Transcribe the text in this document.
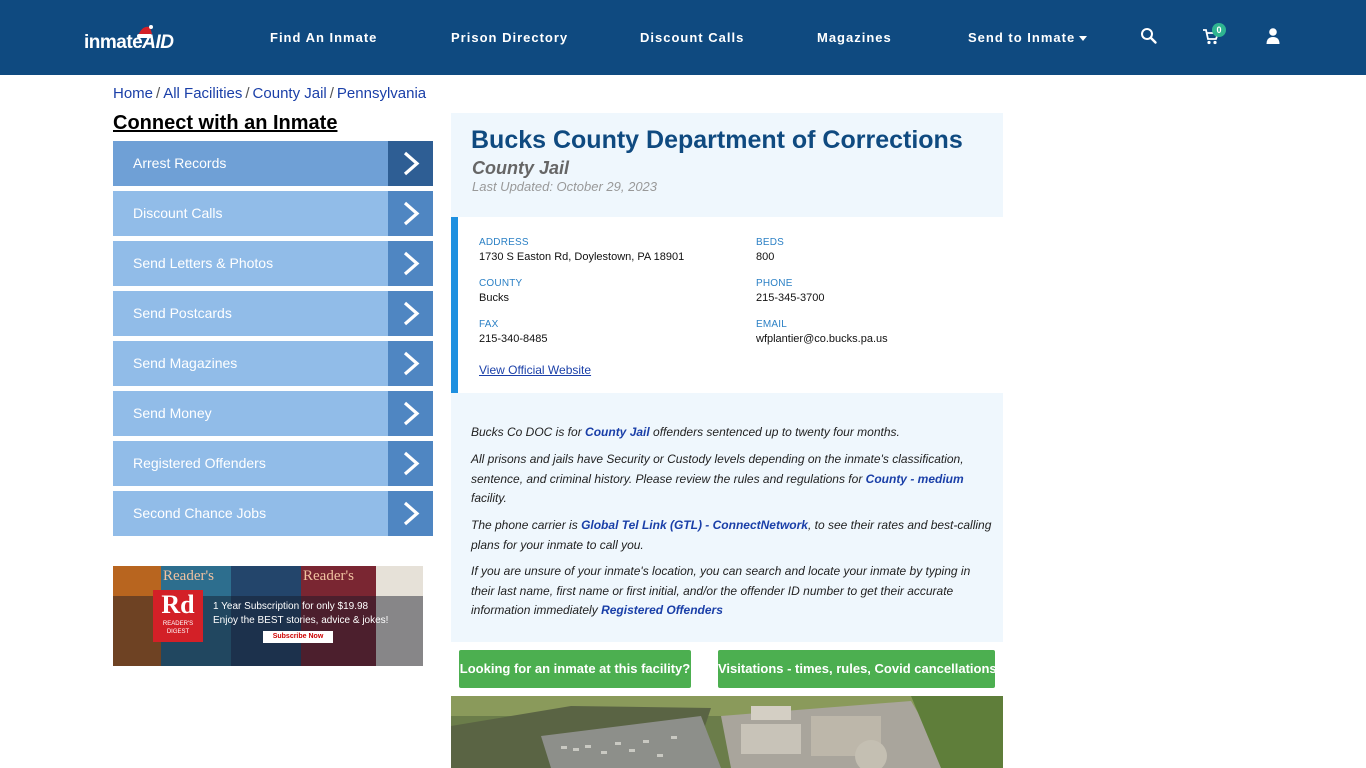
inmateAID	Find An Inmate	Prison Directory	Discount Calls	Magazines	Send to Inmate	0
Home / All Facilities / County Jail / Pennsylvania
Connect with an Inmate
Arrest Records
Discount Calls
Send Letters & Photos
Send Postcards
Send Magazines
Send Money
Registered Offenders
Second Chance Jobs
Reader's	Reader's
Rd
READER'S DIGEST
1 Year Subscription for only $19.98
Enjoy the BEST stories, advice & jokes!
Subscribe Now
Bucks County Department of Corrections
County Jail
Last Updated: October 29, 2023
ADDRESS
1730 S Easton Rd, Doylestown, PA 18901
BEDS
800
COUNTY
Bucks
PHONE
215-345-3700
FAX
215-340-8485
EMAIL
wfplantier@co.bucks.pa.us
View Official Website
Bucks Co DOC is for County Jail offenders sentenced up to twenty four months.
All prisons and jails have Security or Custody levels depending on the inmate's classification, sentence, and criminal history. Please review the rules and regulations for County - medium facility.
The phone carrier is Global Tel Link (GTL) - ConnectNetwork, to see their rates and best-calling plans for your inmate to call you.
If you are unsure of your inmate's location, you can search and locate your inmate by typing in their last name, first name or first initial, and/or the offender ID number to get their accurate information immediately Registered Offenders
Looking for an inmate at this facility? Visitations - times, rules, Covid cancellations
